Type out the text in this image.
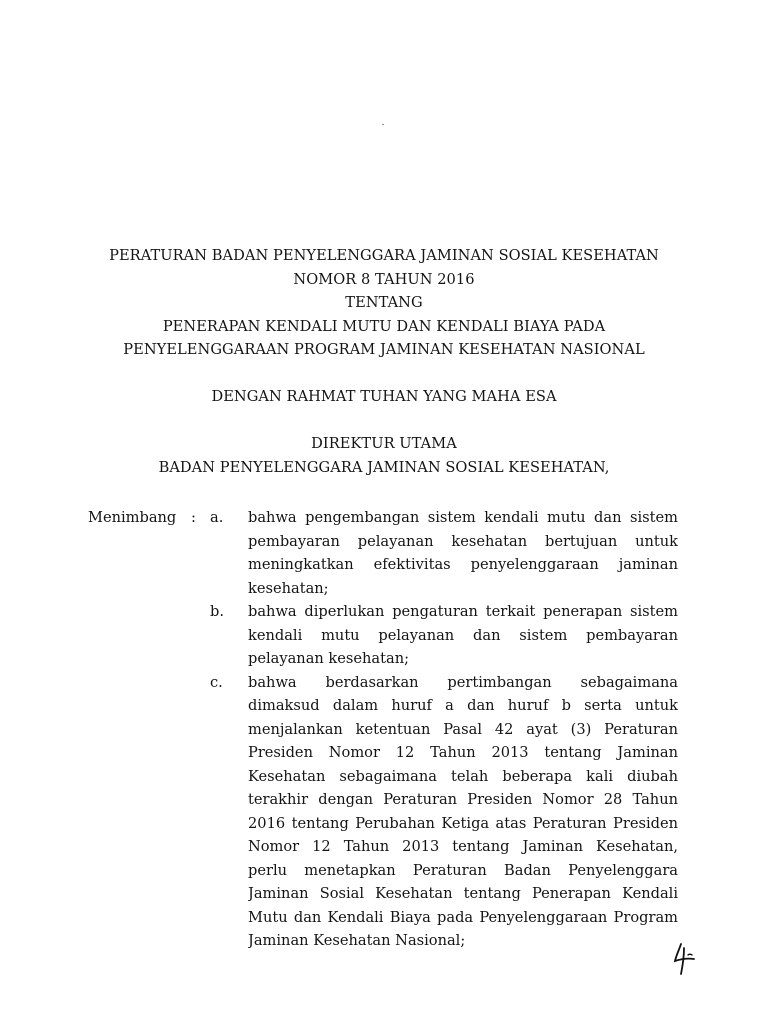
PERATURAN BADAN PENYELENGGARA JAMINAN SOSIAL KESEHATAN
NOMOR 8 TAHUN 2016
TENTANG
PENERAPAN KENDALI MUTU DAN KENDALI BIAYA PADA
PENYELENGGARAAN PROGRAM JAMINAN KESEHATAN NASIONAL
DENGAN RAHMAT TUHAN YANG MAHA ESA
DIREKTUR UTAMA
BADAN PENYELENGGARA JAMINAN SOSIAL KESEHATAN,
Menimbang : a. bahwa pengembangan sistem kendali mutu dan sistem
pembayaran pelayanan kesehatan bertujuan untuk
meningkatkan efektivitas penyelenggaraan jaminan
kesehatan;
b. bahwa diperlukan pengaturan terkait penerapan sistem
kendali mutu pelayanan dan sistem pembayaran
pelayanan kesehatan;
c. bahwa berdasarkan pertimbangan sebagaimana
dimaksud dalam huruf a dan huruf b serta untuk
menjalankan ketentuan Pasal 42 ayat (3) Peraturan
Presiden Nomor 12 Tahun 2013 tentang Jaminan
Kesehatan sebagaimana telah beberapa kali diubah
terakhir dengan Peraturan Presiden Nomor 28 Tahun
2016 tentang Perubahan Ketiga atas Peraturan Presiden
Nomor 12 Tahun 2013 tentang Jaminan Kesehatan,
perlu menetapkan Peraturan Badan Penyelenggara
Jaminan Sosial Kesehatan tentang Penerapan Kendali
Mutu dan Kendali Biaya pada Penyelenggaraan Program
Jaminan Kesehatan Nasional;
